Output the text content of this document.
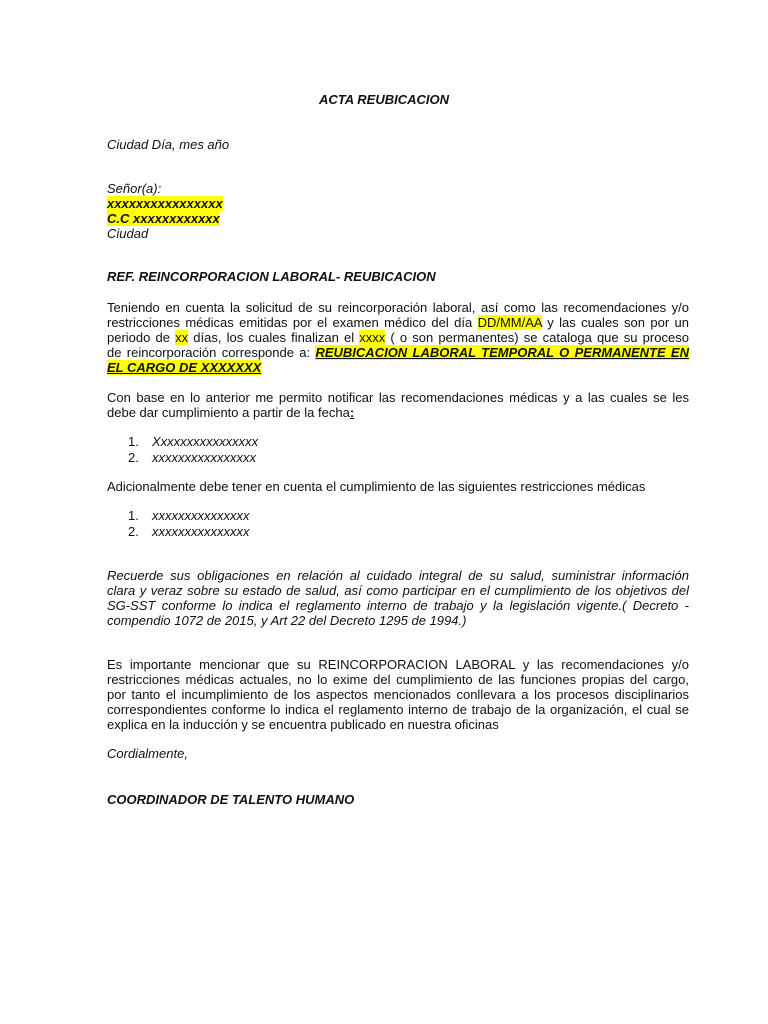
ACTA REUBICACION
Ciudad Día, mes año
Señor(a):
xxxxxxxxxxxxxxxx
C.C xxxxxxxxxxxx
Ciudad
REF. REINCORPORACION LABORAL- REUBICACION
Teniendo en cuenta la solicitud de su reincorporación laboral, así como las recomendaciones y/o
restricciones médicas emitidas por el examen médico del día DD/MM/AA y las cuales son por un
periodo de xx días, los cuales finalizan el xxxx ( o son permanentes) se cataloga que su proceso
de reincorporación corresponde a: REUBICACION LABORAL TEMPORAL O PERMANENTE EN
EL CARGO DE XXXXXXX
Con base en lo anterior me permito notificar las recomendaciones médicas y a las cuales se les
debe dar cumplimiento a partir de la fecha:
1.	Xxxxxxxxxxxxxxxx
2.	xxxxxxxxxxxxxxxx
Adicionalmente debe tener en cuenta el cumplimiento de las siguientes restricciones médicas
1.	xxxxxxxxxxxxxxx
2.	xxxxxxxxxxxxxxx
Recuerde sus obligaciones en relación al cuidado integral de su salud, suministrar información
clara y veraz sobre su estado de salud, así como participar en el cumplimiento de los objetivos del
SG-SST conforme lo indica el reglamento interno de trabajo y la legislación vigente.( Decreto -
compendio 1072 de 2015, y Art 22 del Decreto 1295 de 1994.)
Es importante mencionar que su REINCORPORACION LABORAL y las recomendaciones y/o
restricciones médicas actuales, no lo exime del cumplimiento de las funciones propias del cargo,
por tanto el incumplimiento de los aspectos mencionados conllevara a los procesos disciplinarios
correspondientes conforme lo indica el reglamento interno de trabajo de la organización, el cual se
explica en la inducción y se encuentra publicado en nuestra oficinas
Cordialmente,
COORDINADOR DE TALENTO HUMANO
